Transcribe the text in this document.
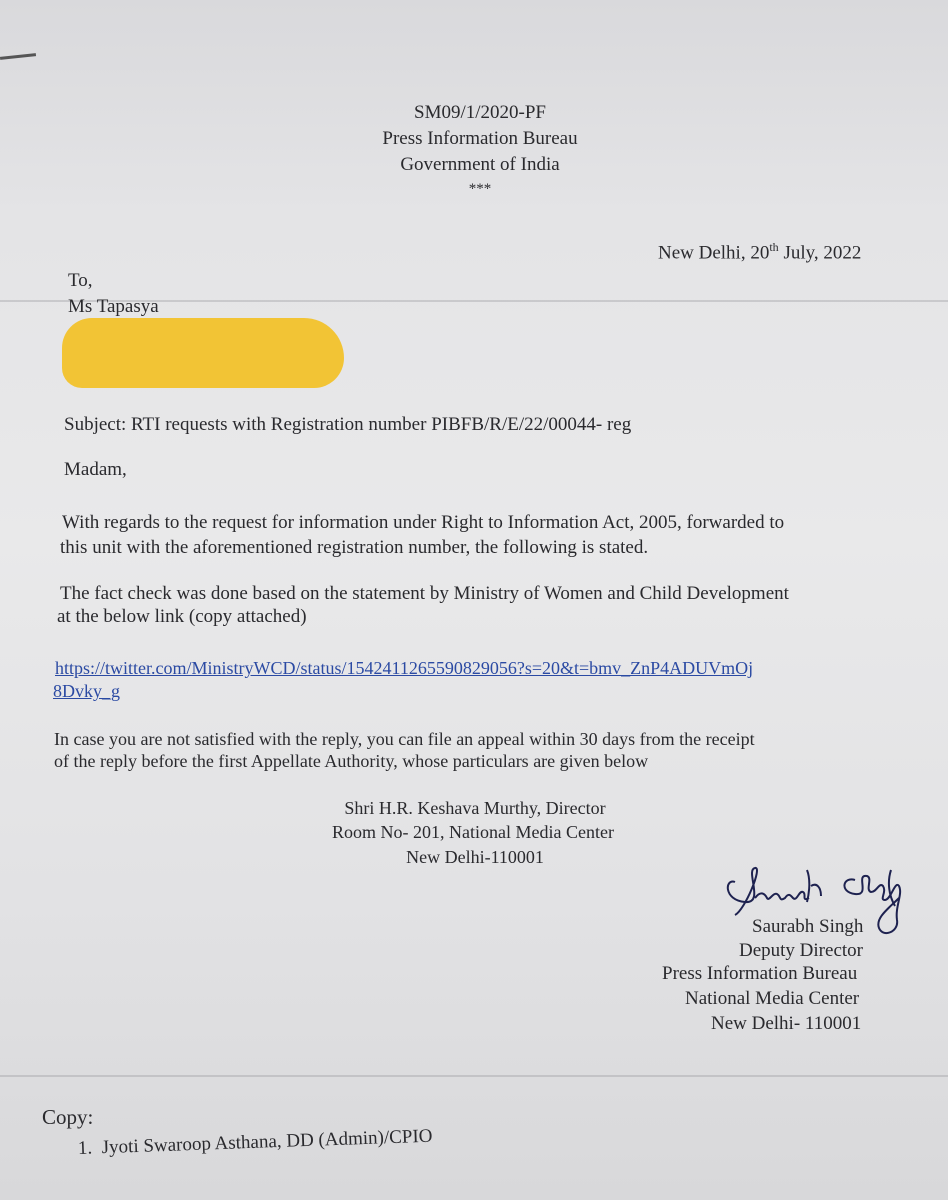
SM09/1/2020-PF
Press Information Bureau
Government of India
***
New Delhi, 20th July, 2022
To,
Ms Tapasya
Subject: RTI requests with Registration number PIBFB/R/E/22/00044- reg
Madam,
With regards to the request for information under Right to Information Act, 2005, forwarded to
this unit with the aforementioned registration number, the following is stated.
The fact check was done based on the statement by Ministry of Women and Child Development
at the below link (copy attached)
https://twitter.com/MinistryWCD/status/1542411265590829056?s=20&t=bmv_ZnP4ADUVmOj
8Dvky_g
In case you are not satisfied with the reply, you can file an appeal within 30 days from the receipt
of the reply before the first Appellate Authority, whose particulars are given below
Shri H.R. Keshava Murthy, Director
Room No- 201, National Media Center
New Delhi-110001
Saurabh Singh
Deputy Director
Press Information Bureau
National Media Center
New Delhi- 110001
Copy:
1. Jyoti Swaroop Asthana, DD (Admin)/CPIO
